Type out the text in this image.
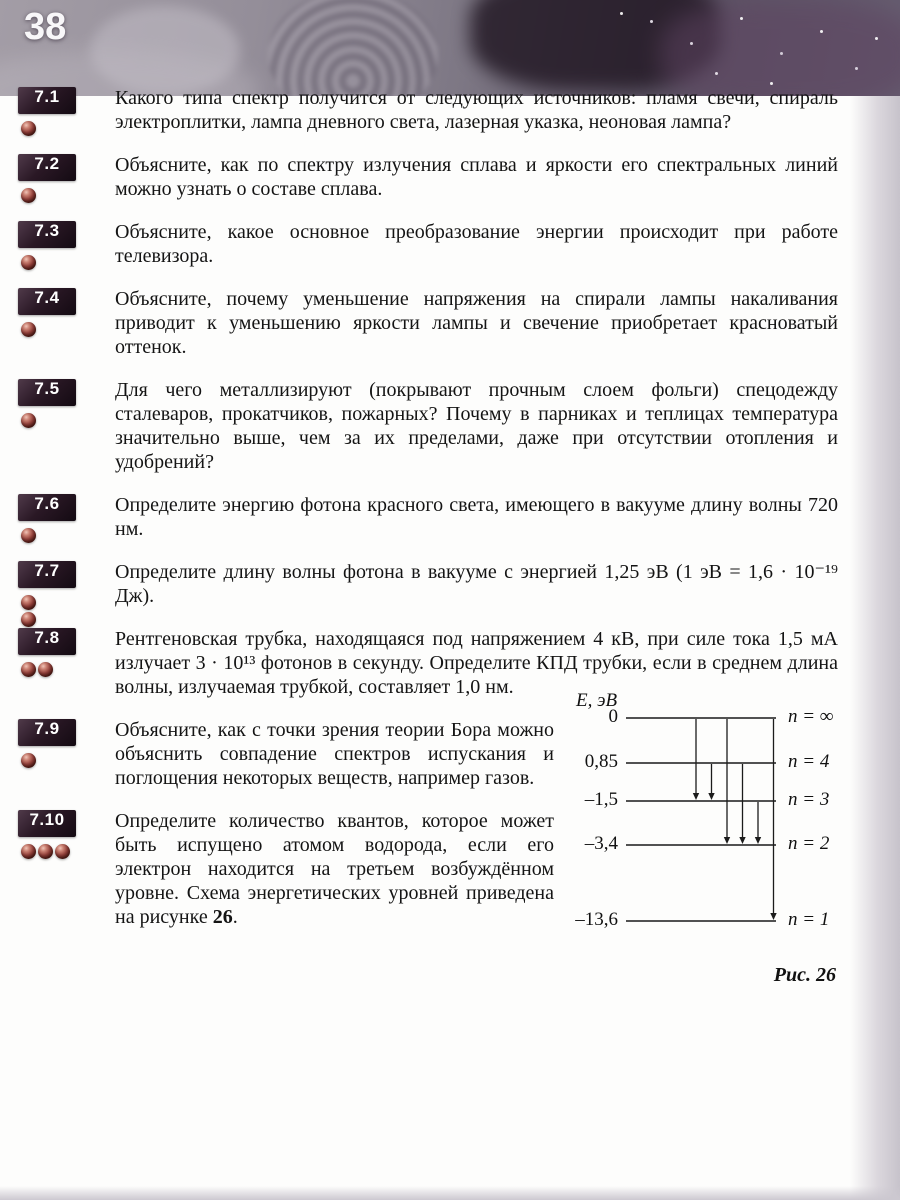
38
7.1	Какого типа спектр получится от следующих источников: пламя свечи, спираль электроплитки, лампа дневного света, лазерная указка, неоновая лампа?

7.2	Объясните, как по спектру излучения сплава и яркости его спектральных линий можно узнать о составе сплава.

7.3	Объясните, какое основное преобразование энергии происходит при работе телевизора.

7.4	Объясните, почему уменьшение напряжения на спирали лампы накаливания приводит к уменьшению яркости лампы и свечение приобретает красноватый оттенок.

7.5	Для чего металлизируют (покрывают прочным слоем фольги) спецодежду сталеваров, прокатчиков, пожарных? Почему в парниках и теплицах температура значительно выше, чем за их пределами, даже при отсутствии отопления и удобрений?

7.6	Определите энергию фотона красного света, имеющего в вакууме длину волны 720 нм.

7.7	Определите длину волны фотона в вакууме с энергией 1,25 эВ (1 эВ = 1,6 · 10⁻¹⁹ Дж).

7.8	Рентгеновская трубка, находящаяся под напряжением 4 кВ, при силе тока 1,5 мА излучает 3 · 10¹³ фотонов в секунду. Определите КПД трубки, если в среднем длина волны, излучаемая трубкой, составляет 1,0 нм.

E, эВ
0
0,85
–1,5
–3,4
–13,6
n = ∞
n = 4
n = 3
n = 2
n = 1
Рис. 26
7.9	Объясните, как с точки зрения теории Бора можно объяснить совпадение спектров испускания и поглощения некоторых веществ, например газов.

7.10	Определите количество квантов, которое может быть испущено атомом водорода, если его электрон находится на третьем возбуждённом уровне. Схема энергетических уровней приведена на рисунке 26.
